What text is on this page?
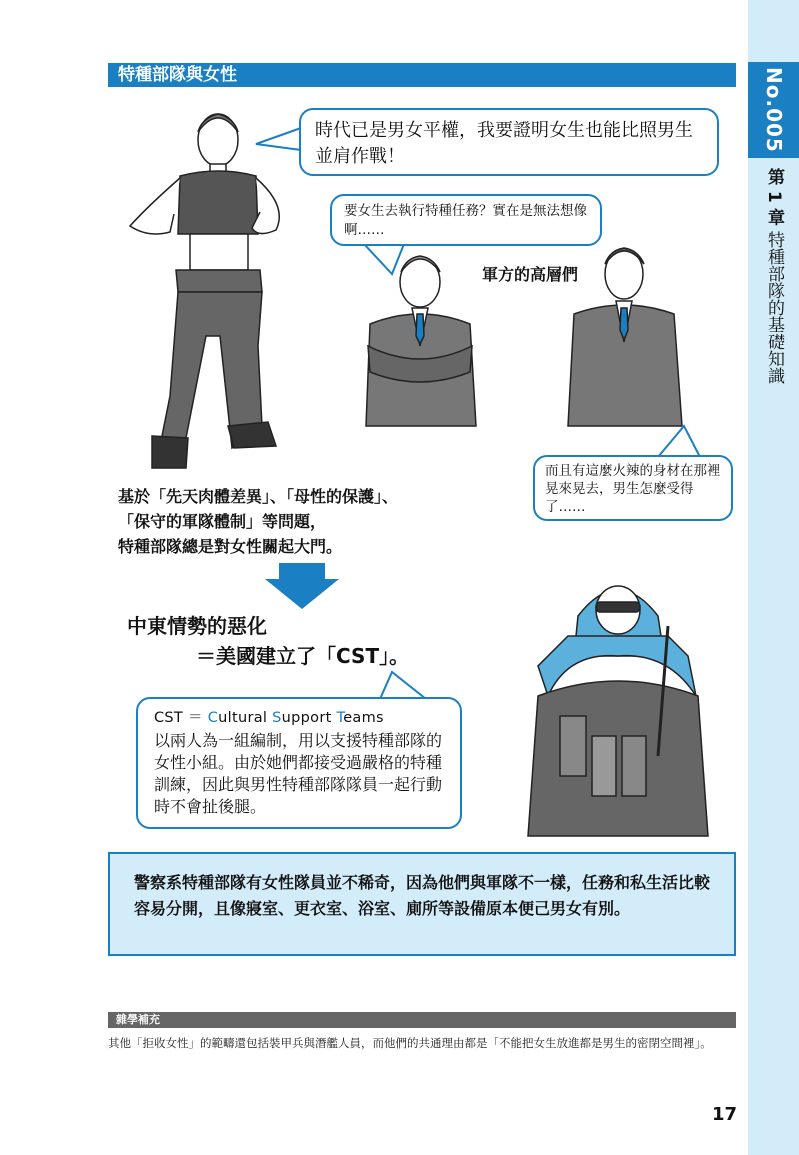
No.005
第 1 章 特種部隊的基礎知識
特種部隊與女性
時代已是男女平權，我要證明女生也能比照男生並肩作戰！
要女生去執行特種任務？實在是無法想像啊……
而且有這麼火辣的身材在那裡晃來晃去，男生怎麼受得了……
軍方的高層們
基於「先天肉體差異」、「母性的保護」、
「保守的軍隊體制」等問題，
特種部隊總是對女性關起大門。
中東情勢的惡化
＝美國建立了「CST」。
CST ＝ Cultural Support Teams
以兩人為一組編制，用以支援特種部隊的女性小組。由於她們都接受過嚴格的特種訓練，因此與男性特種部隊隊員一起行動時不會扯後腿。
警察系特種部隊有女性隊員並不稀奇，因為他們與軍隊不一樣，任務和私生活比較容易分開，且像寢室、更衣室、浴室、廁所等設備原本便己男女有別。
雜學補充
其他「拒收女性」的範疇還包括裝甲兵與潛艦人員，而他們的共通理由都是「不能把女生放進都是男生的密閉空間裡」。
17
